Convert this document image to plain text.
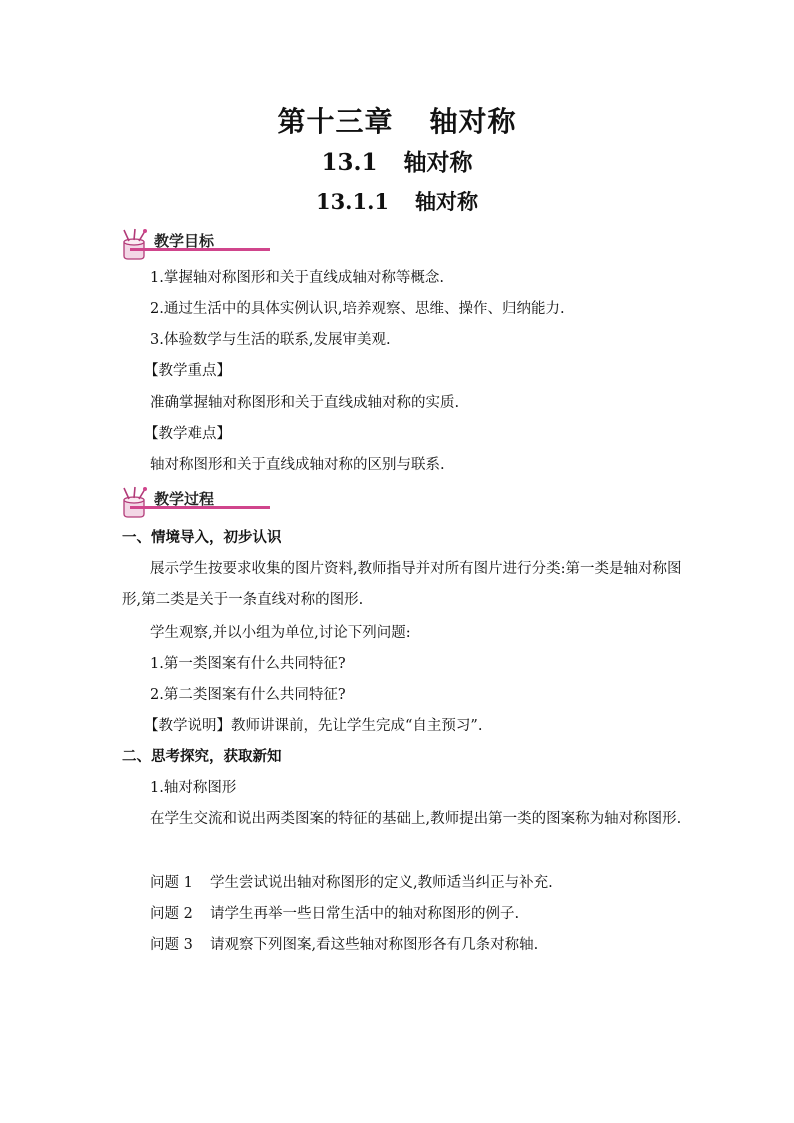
第十三章 轴对称
13.1 轴对称
13.1.1 轴对称
教学目标
1.掌握轴对称图形和关于直线成轴对称等概念.
2.通过生活中的具体实例认识,培养观察、思维、操作、归纳能力.
3.体验数学与生活的联系,发展审美观.
【教学重点】
准确掌握轴对称图形和关于直线成轴对称的实质.
【教学难点】
轴对称图形和关于直线成轴对称的区别与联系.
教学过程
一、情境导入，初步认识
展示学生按要求收集的图片资料,教师指导并对所有图片进行分类:第一类是轴对称图形,第二类是关于一条直线对称的图形.
学生观察,并以小组为单位,讨论下列问题:
1.第一类图案有什么共同特征?
2.第二类图案有什么共同特征?
【教学说明】教师讲课前，先让学生完成“自主预习”.
二、思考探究，获取新知
1.轴对称图形
在学生交流和说出两类图案的特征的基础上,教师提出第一类的图案称为轴对称图形.
问题 1 学生尝试说出轴对称图形的定义,教师适当纠正与补充.
问题 2 请学生再举一些日常生活中的轴对称图形的例子.
问题 3 请观察下列图案,看这些轴对称图形各有几条对称轴.
